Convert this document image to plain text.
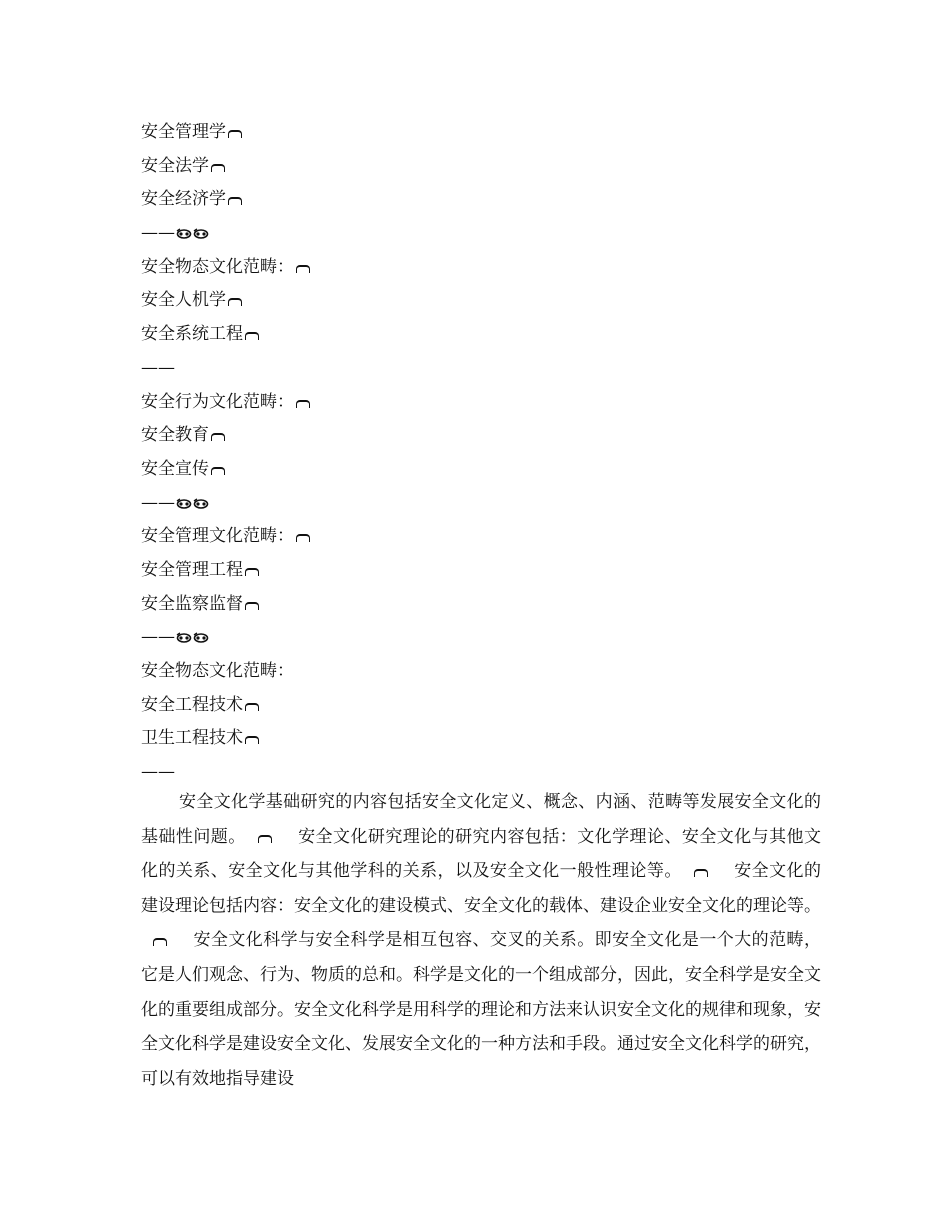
安全管理学
安全法学
安全经济学
——
安全物态文化范畴：
安全人机学
安全系统工程
——
安全行为文化范畴：
安全教育
安全宣传
——
安全管理文化范畴：
安全管理工程
安全监察监督
——
安全物态文化范畴：
安全工程技术
卫生工程技术
——
安全文化学基础研究的内容包括安全文化定义、概念、内涵、范畴等发展安全文化的基础性问题。	安全文化研究理论的研究内容包括：文化学理论、安全文化与其他文化的关系、安全文化与其他学科的关系，以及安全文化一般性理论等。	安全文化的建设理论包括内容：安全文化的建设模式、安全文化的载体、建设企业安全文化的理论等。安全文化科学与安全科学是相互包容、交叉的关系。即安全文化是一个大的范畴，它是人们观念、行为、物质的总和。科学是文化的一个组成部分，因此，安全科学是安全文化的重要组成部分。安全文化科学是用科学的理论和方法来认识安全文化的规律和现象，安全文化科学是建设安全文化、发展安全文化的一种方法和手段。通过安全文化科学的研究，可以有效地指导建设
